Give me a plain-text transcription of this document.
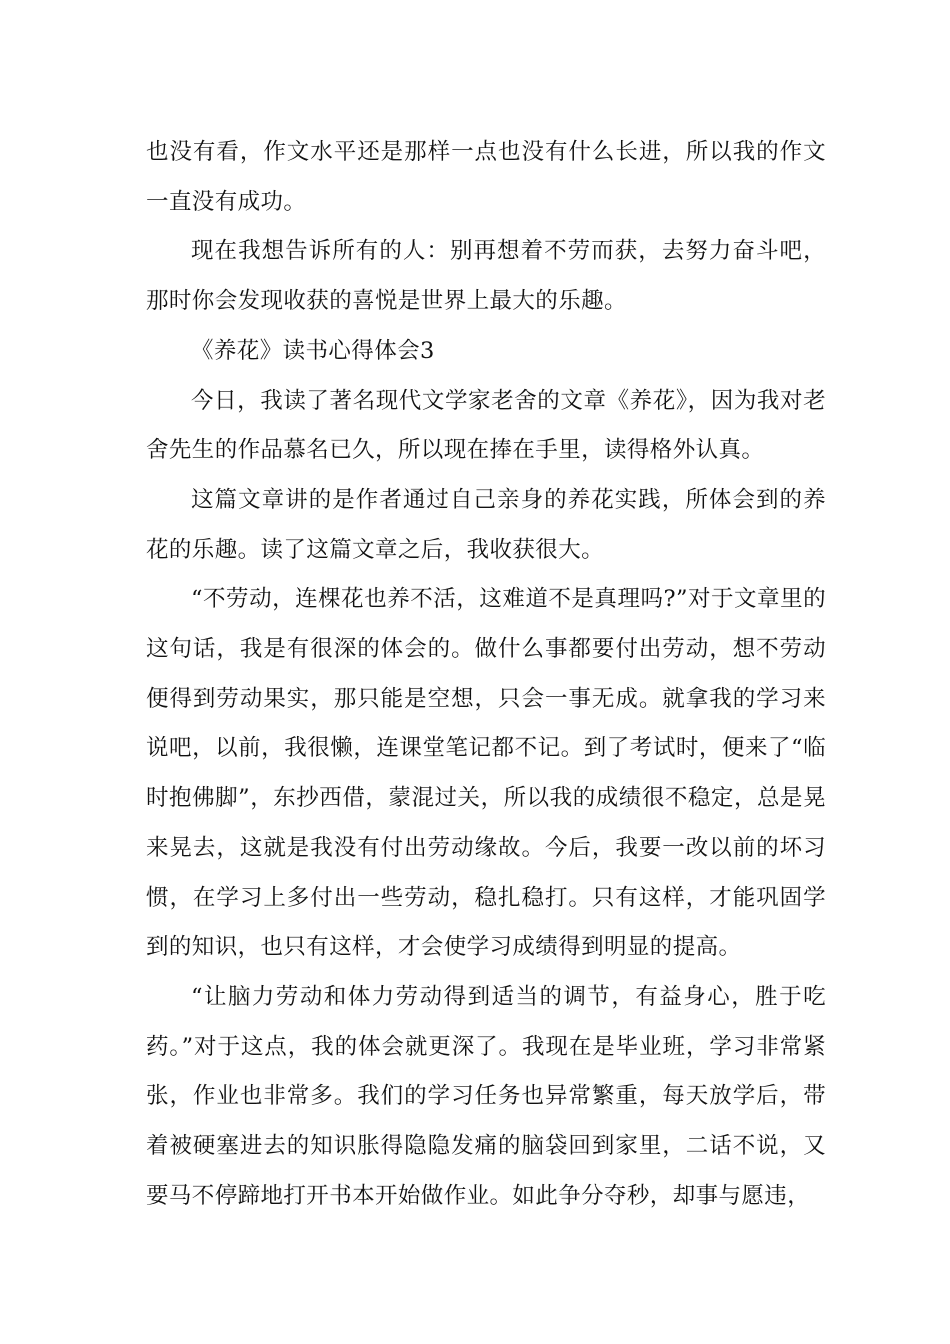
也没有看，作文水平还是那样一点也没有什么长进，所以我的作文一直没有成功。

现在我想告诉所有的人：别再想着不劳而获，去努力奋斗吧，那时你会发现收获的喜悦是世界上最大的乐趣。

《养花》读书心得体会3

今日，我读了著名现代文学家老舍的文章《养花》，因为我对老舍先生的作品慕名已久，所以现在捧在手里，读得格外认真。

这篇文章讲的是作者通过自己亲身的养花实践，所体会到的养花的乐趣。读了这篇文章之后，我收获很大。

“不劳动，连棵花也养不活，这难道不是真理吗?”对于文章里的这句话，我是有很深的体会的。做什么事都要付出劳动，想不劳动便得到劳动果实，那只能是空想，只会一事无成。就拿我的学习来说吧，以前，我很懒，连课堂笔记都不记。到了考试时，便来了“临时抱佛脚”，东抄西借，蒙混过关，所以我的成绩很不稳定，总是晃来晃去，这就是我没有付出劳动缘故。今后，我要一改以前的坏习惯，在学习上多付出一些劳动，稳扎稳打。只有这样，才能巩固学到的知识，也只有这样，才会使学习成绩得到明显的提高。

“让脑力劳动和体力劳动得到适当的调节，有益身心，胜于吃药。”对于这点，我的体会就更深了。我现在是毕业班，学习非常紧张，作业也非常多。我们的学习任务也异常繁重，每天放学后，带着被硬塞进去的知识胀得隐隐发痛的脑袋回到家里，二话不说，又要马不停蹄地打开书本开始做作业。如此争分夺秒，却事与愿违，
